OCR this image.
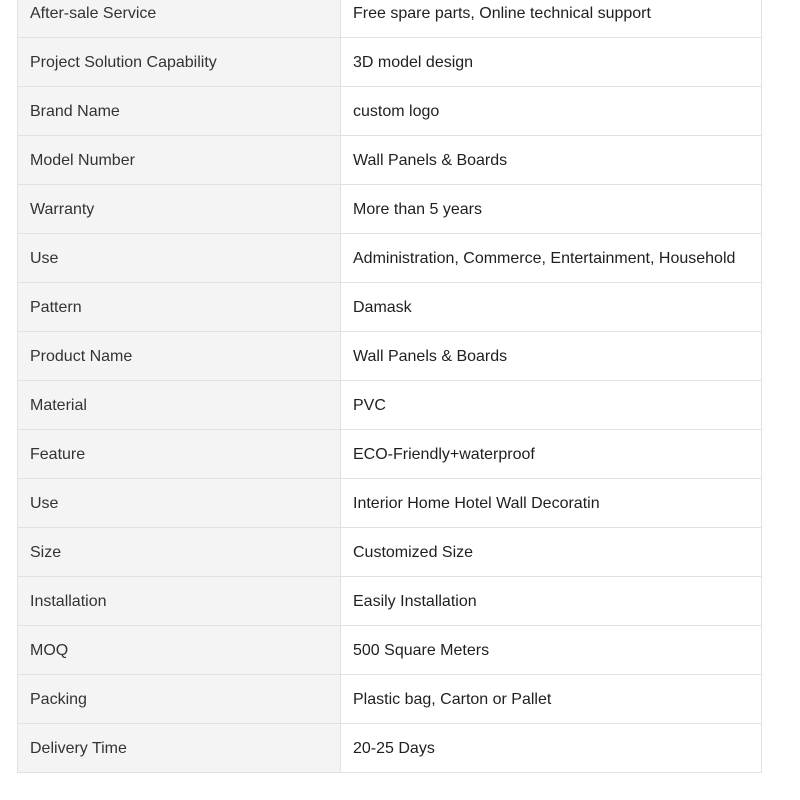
After-sale Service	Free spare parts, Online technical support
Project Solution Capability	3D model design
Brand Name	custom logo
Model Number	Wall Panels & Boards
Warranty	More than 5 years
Use	Administration, Commerce, Entertainment, Household
Pattern	Damask
Product Name	Wall Panels & Boards
Material	PVC
Feature	ECO-Friendly+waterproof
Use	Interior Home Hotel Wall Decoratin
Size	Customized Size
Installation	Easily Installation
MOQ	500 Square Meters
Packing	Plastic bag, Carton or Pallet
Delivery Time	20-25 Days
